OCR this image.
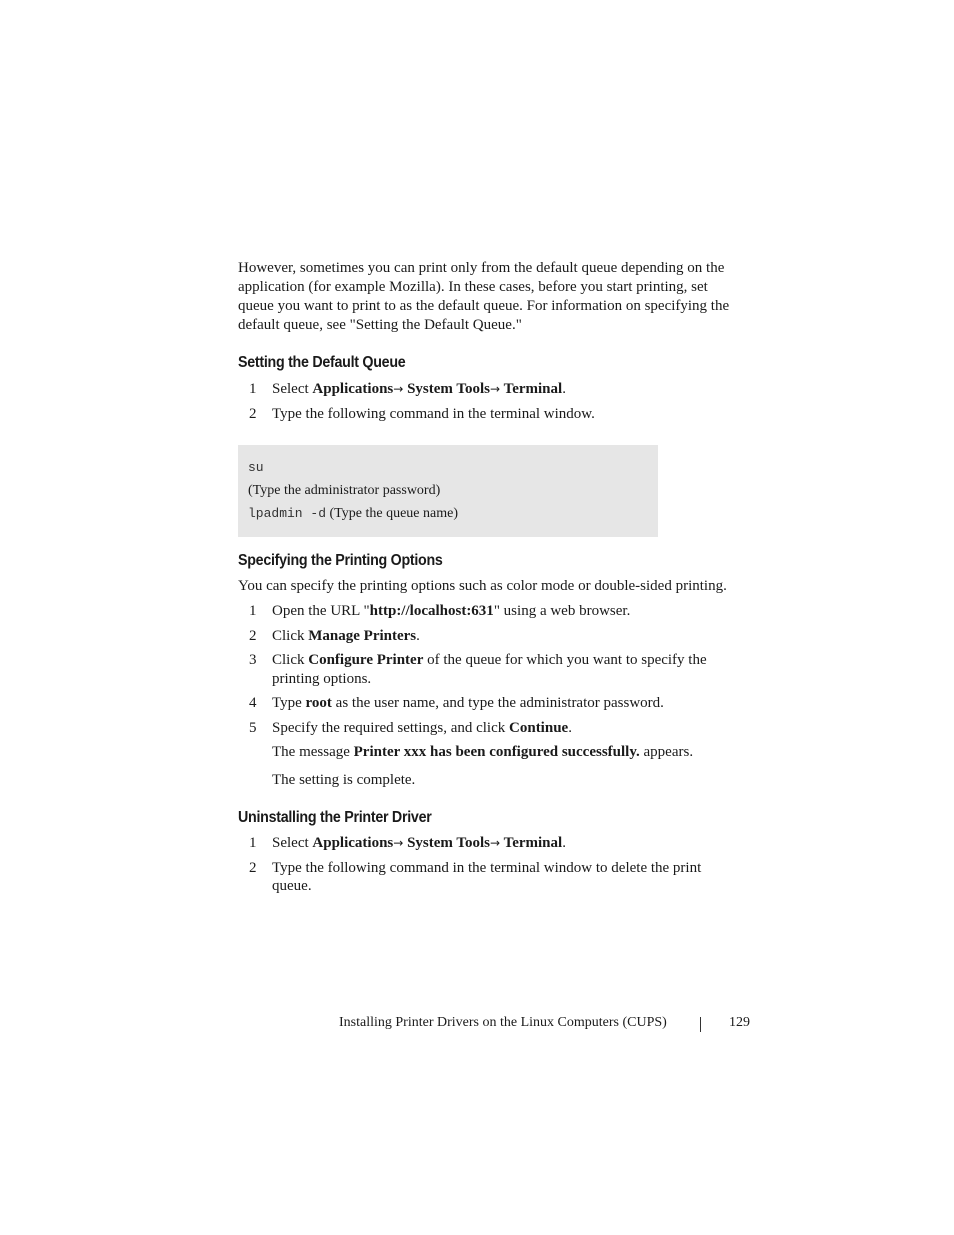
However, sometimes you can print only from the default queue depending on the application (for example Mozilla). In these cases, before you start printing, set queue you want to print to as the default queue. For information on specifying the default queue, see "Setting the Default Queue."

Setting the Default Queue
1 Select Applications→ System Tools→ Terminal.
2 Type the following command in the terminal window.
su
(Type the administrator password)
lpadmin -d (Type the queue name)
Specifying the Printing Options

You can specify the printing options such as color mode or double-sided printing.

1 Open the URL "http://localhost:631" using a web browser.
2 Click Manage Printers.
3 Click Configure Printer of the queue for which you want to specify the printing options.
4 Type root as the user name, and type the administrator password.
5 Specify the required settings, and click Continue.
The message Printer xxx has been configured successfully. appears.
The setting is complete.
Uninstalling the Printer Driver
1 Select Applications→ System Tools→ Terminal.
2 Type the following command in the terminal window to delete the print queue.
Installing Printer Drivers on the Linux Computers (CUPS)	129
